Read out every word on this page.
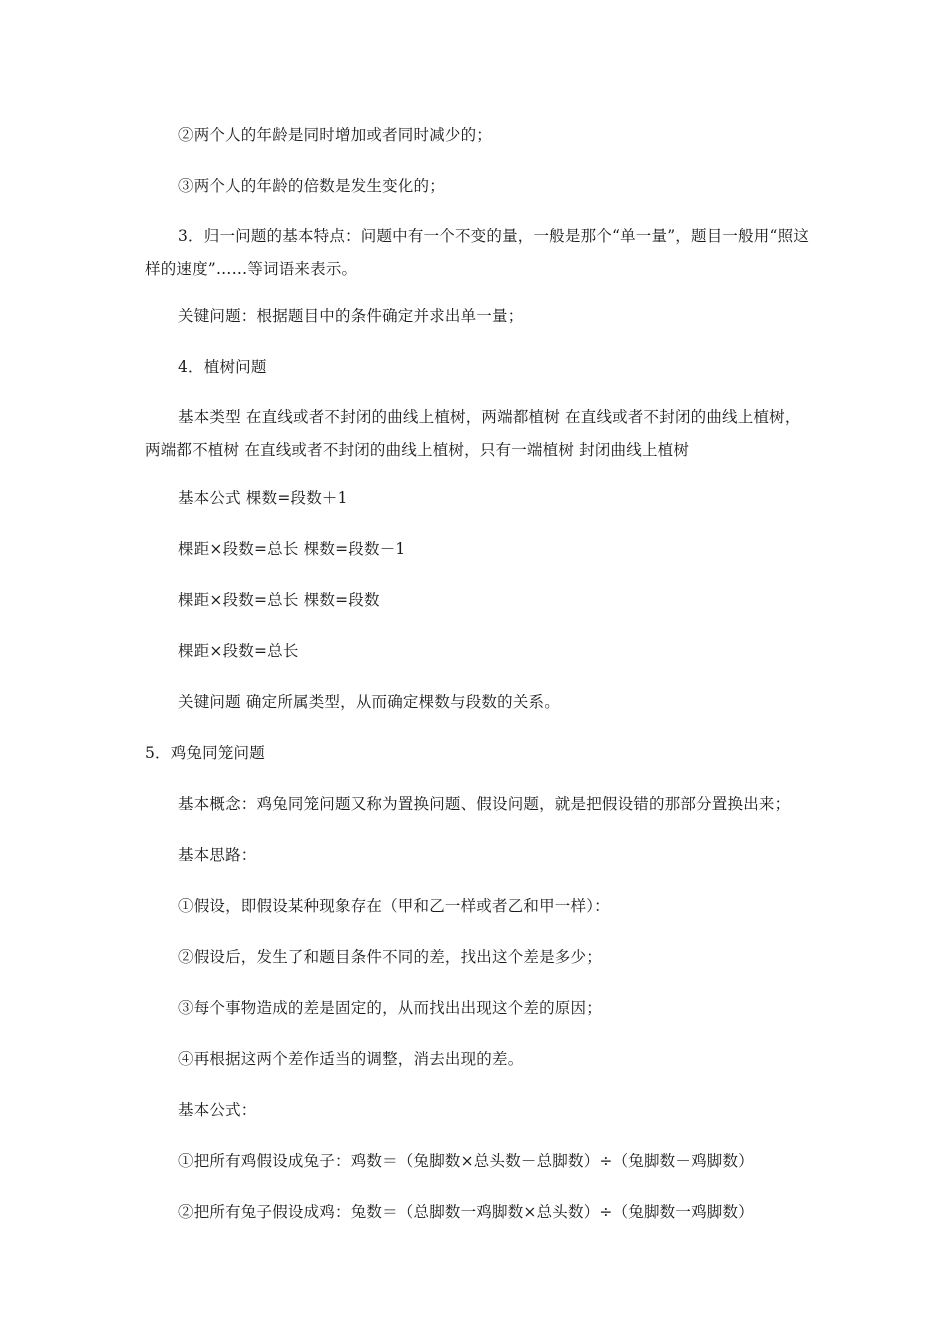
②两个人的年龄是同时增加或者同时减少的；
③两个人的年龄的倍数是发生变化的；
3．归一问题的基本特点：问题中有一个不变的量，一般是那个“单一量”，题目一般用“照这样的速度”……等词语来表示。
关键问题：根据题目中的条件确定并求出单一量；
4．植树问题
基本类型 在直线或者不封闭的曲线上植树，两端都植树 在直线或者不封闭的曲线上植树，两端都不植树 在直线或者不封闭的曲线上植树，只有一端植树 封闭曲线上植树
基本公式 棵数=段数＋1
棵距×段数=总长 棵数=段数－1
棵距×段数=总长 棵数=段数
棵距×段数=总长
关键问题 确定所属类型，从而确定棵数与段数的关系。
5．鸡兔同笼问题
基本概念：鸡兔同笼问题又称为置换问题、假设问题，就是把假设错的那部分置换出来；
基本思路：
①假设，即假设某种现象存在（甲和乙一样或者乙和甲一样）：
②假设后，发生了和题目条件不同的差，找出这个差是多少；
③每个事物造成的差是固定的，从而找出出现这个差的原因；
④再根据这两个差作适当的调整，消去出现的差。
基本公式：
①把所有鸡假设成兔子：鸡数＝（兔脚数×总头数－总脚数）÷（兔脚数－鸡脚数）
②把所有兔子假设成鸡：兔数＝（总脚数一鸡脚数×总头数）÷（兔脚数一鸡脚数）
